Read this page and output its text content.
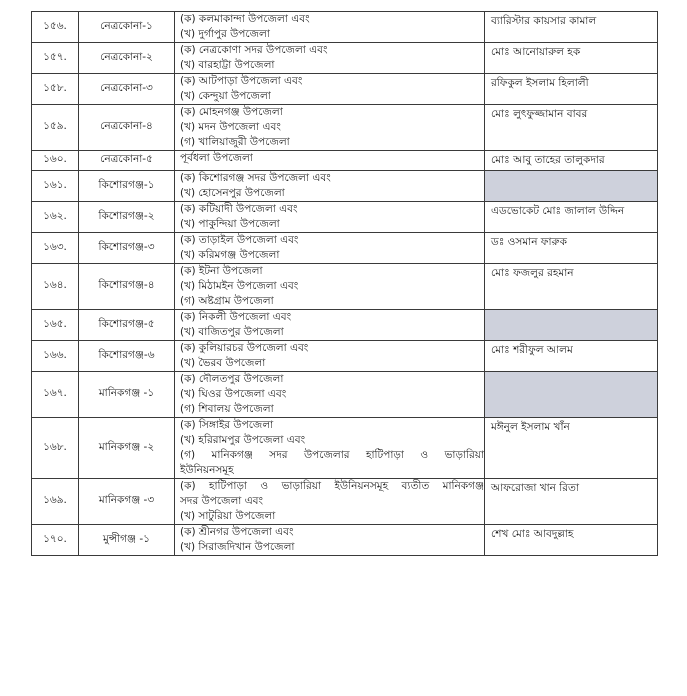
১৫৬.	নেত্রকোনা-১	(ক) কলমাকান্দা উপজেলা এবং
(খ) দুর্গাপুর উপজেলা	ব্যারিস্টার কায়সার কামাল
১৫৭.	নেত্রকোনা-২	(ক) নেত্রকোণা সদর উপজেলা এবং
(খ) বারহাট্টা উপজেলা	মোঃ আনোয়ারুল হক
১৫৮.	নেত্রকোনা-৩	(ক) আটপাড়া উপজেলা এবং
(খ) কেন্দুয়া উপজেলা	রফিকুল ইসলাম হিলালী
১৫৯.	নেত্রকোনা-৪	(ক) মোহনগঞ্জ উপজেলা
(খ) মদন উপজেলা এবং
(গ) খালিয়াজুরী উপজেলা	মোঃ লুৎফুজ্জামান বাবর
১৬০.	নেত্রকোনা-৫	পূর্বধলা উপজেলা	মোঃ আবু তাহের তালুকদার
১৬১.	কিশোরগঞ্জ-১	(ক) কিশোরগঞ্জ সদর উপজেলা এবং
(খ) হোসেনপুর উপজেলা	

১৬২.	কিশোরগঞ্জ-২	(ক) কটিয়াদী উপজেলা এবং
(খ) পাকুন্দিয়া উপজেলা	এডভোকেট মোঃ জালাল উদ্দিন
১৬৩.	কিশোরগঞ্জ-৩	(ক) তাড়াইল উপজেলা এবং
(খ) করিমগঞ্জ উপজেলা	ডঃ ওসমান ফারুক
১৬৪.	কিশোরগঞ্জ-৪	(ক) ইটনা উপজেলা
(খ) মিঠামইন উপজেলা এবং
(গ) অষ্টগ্রাম উপজেলা	মোঃ ফজলুর রহমান
১৬৫.	কিশোরগঞ্জ-৫	(ক) নিকলী উপজেলা এবং
(খ) বাজিতপুর উপজেলা	

১৬৬.	কিশোরগঞ্জ-৬	(ক) কুলিয়ারচর উপজেলা এবং
(খ) ভৈরব উপজেলা	মোঃ শরীফুল আলম
১৬৭.	মানিকগঞ্জ -১	(ক) দৌলতপুর উপজেলা
(খ) ঘিওর উপজেলা এবং
(গ) শিবালয় উপজেলা	

১৬৮.	মানিকগঞ্জ -২	(ক) সিঙ্গাইর উপজেলা
(খ) হরিরামপুর উপজেলা এবং
(গ) মানিকগঞ্জ সদর উপজেলার হাটিপাড়া ও ভাড়ারিয়া
ইউনিয়নসমূহ	মঈনুল ইসলাম খাঁন
১৬৯.	মানিকগঞ্জ -৩	(ক) হাটিপাড়া ও ভাড়ারিয়া ইউনিয়নসমূহ ব্যতীত মানিকগঞ্জ
সদর উপজেলা এবং
(খ) সাটুরিয়া উপজেলা	আফরোজা খান রিতা
১৭০.	মুন্সীগঞ্জ -১	(ক) শ্রীনগর উপজেলা এবং
(খ) সিরাজদিখান উপজেলা	শেখ মোঃ আবদুল্লাহ
